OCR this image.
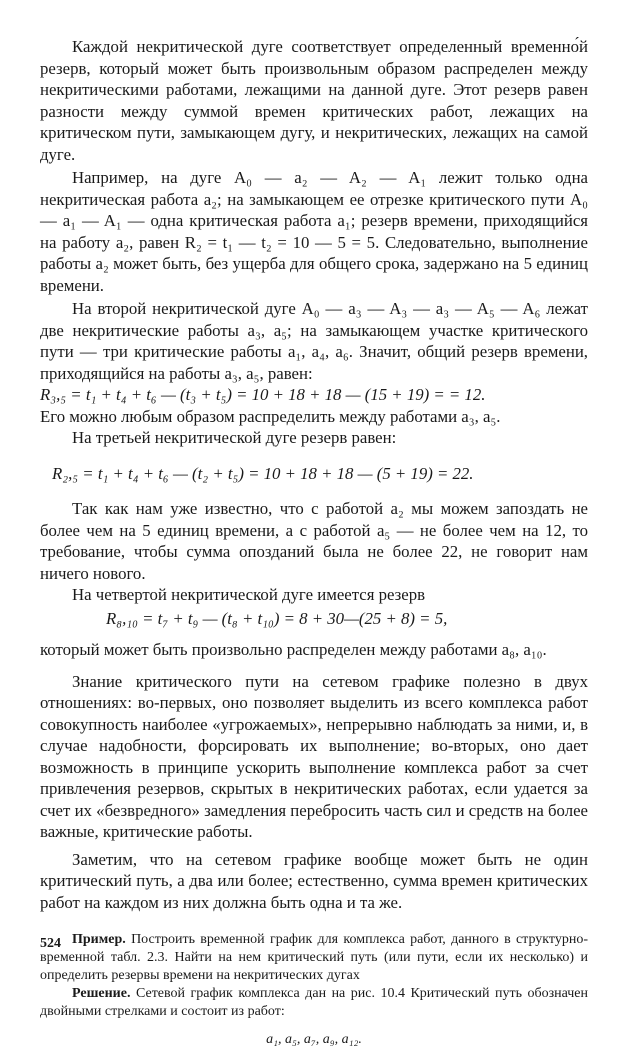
Каждой некритической дуге соответствует определенный временно́й резерв, который может быть произвольным образом распределен между некритическими работами, лежащими на данной дуге. Этот резерв равен разности между суммой времен критических работ, лежащих на критическом пути, замыкающем дугу, и некритических, лежащих на самой дуге.

Например, на дуге A₀ — a₂ — A₂ — A₁ лежит только одна некритическая работа a₂; на замыкающем ее отрезке критического пути A₀ — a₁ — A₁ — одна критическая работа a₁; резерв времени, приходящийся на работу a₂, равен R₂ = t₁ — t₂ = 10 — 5 = 5. Следовательно, выполнение работы a₂ может быть, без ущерба для общего срока, задержано на 5 единиц времени.

На второй некритической дуге A₀ — a₃ — A₃ — a₃ — A₅ — A₆ лежат две некритические работы a₃, a₅; на замыкающем участке критического пути — три критические работы a₁, a₄, a₆. Значит, общий резерв времени, приходящийся на работы a₃, a₅, равен:

R₃,₅ = t₁ + t₄ + t₆ — (t₃ + t₅) = 10 + 18 + 18 — (15 + 19) = = 12.

Его можно любым образом распределить между работами a₃, a₅.

На третьей некритической дуге резерв равен:

R₂,₅ = t₁ + t₄ + t₆ — (t₂ + t₅) = 10 + 18 + 18 — (5 + 19) = 22.

Так как нам уже известно, что с работой a₂ мы можем запоздать не более чем на 5 единиц времени, а с работой a₅ — не более чем на 12, то требование, чтобы сумма опозданий была не более 22, не говорит нам ничего нового.

На четвертой некритической дуге имеется резерв

R₈,₁₀ = t₇ + t₉ — (t₈ + t₁₀) = 8 + 30—(25 + 8) = 5,

который может быть произвольно распределен между работами a₈, a₁₀.

Знание критического пути на сетевом графике полезно в двух отношениях: во-первых, оно позволяет выделить из всего комплекса работ совокупность наиболее «угрожаемых», непрерывно наблюдать за ними, и, в случае надобности, форсировать их выполнение; во-вторых, оно дает возможность в принципе ускорить выполнение комплекса работ за счет привлечения резервов, скрытых в некритических работах, если удается за счет их «безвредного» замедления перебросить часть сил и средств на более важные, критические работы.

Заметим, что на сетевом графике вообще может быть не один критический путь, а два или более; естественно, сумма времен критических работ на каждом из них должна быть одна и та же.

Пример. Построить временной график для комплекса работ, данного в структурно-временной табл. 2.3. Найти на нем критический путь (или пути, если их несколько) и определить резервы времени на некритических дугах

Решение. Сетевой график комплекса дан на рис. 10.4 Критический путь обозначен двойными стрелками и состоит из работ:

a₁, a₅, a₇, a₉, a₁₂.
524
